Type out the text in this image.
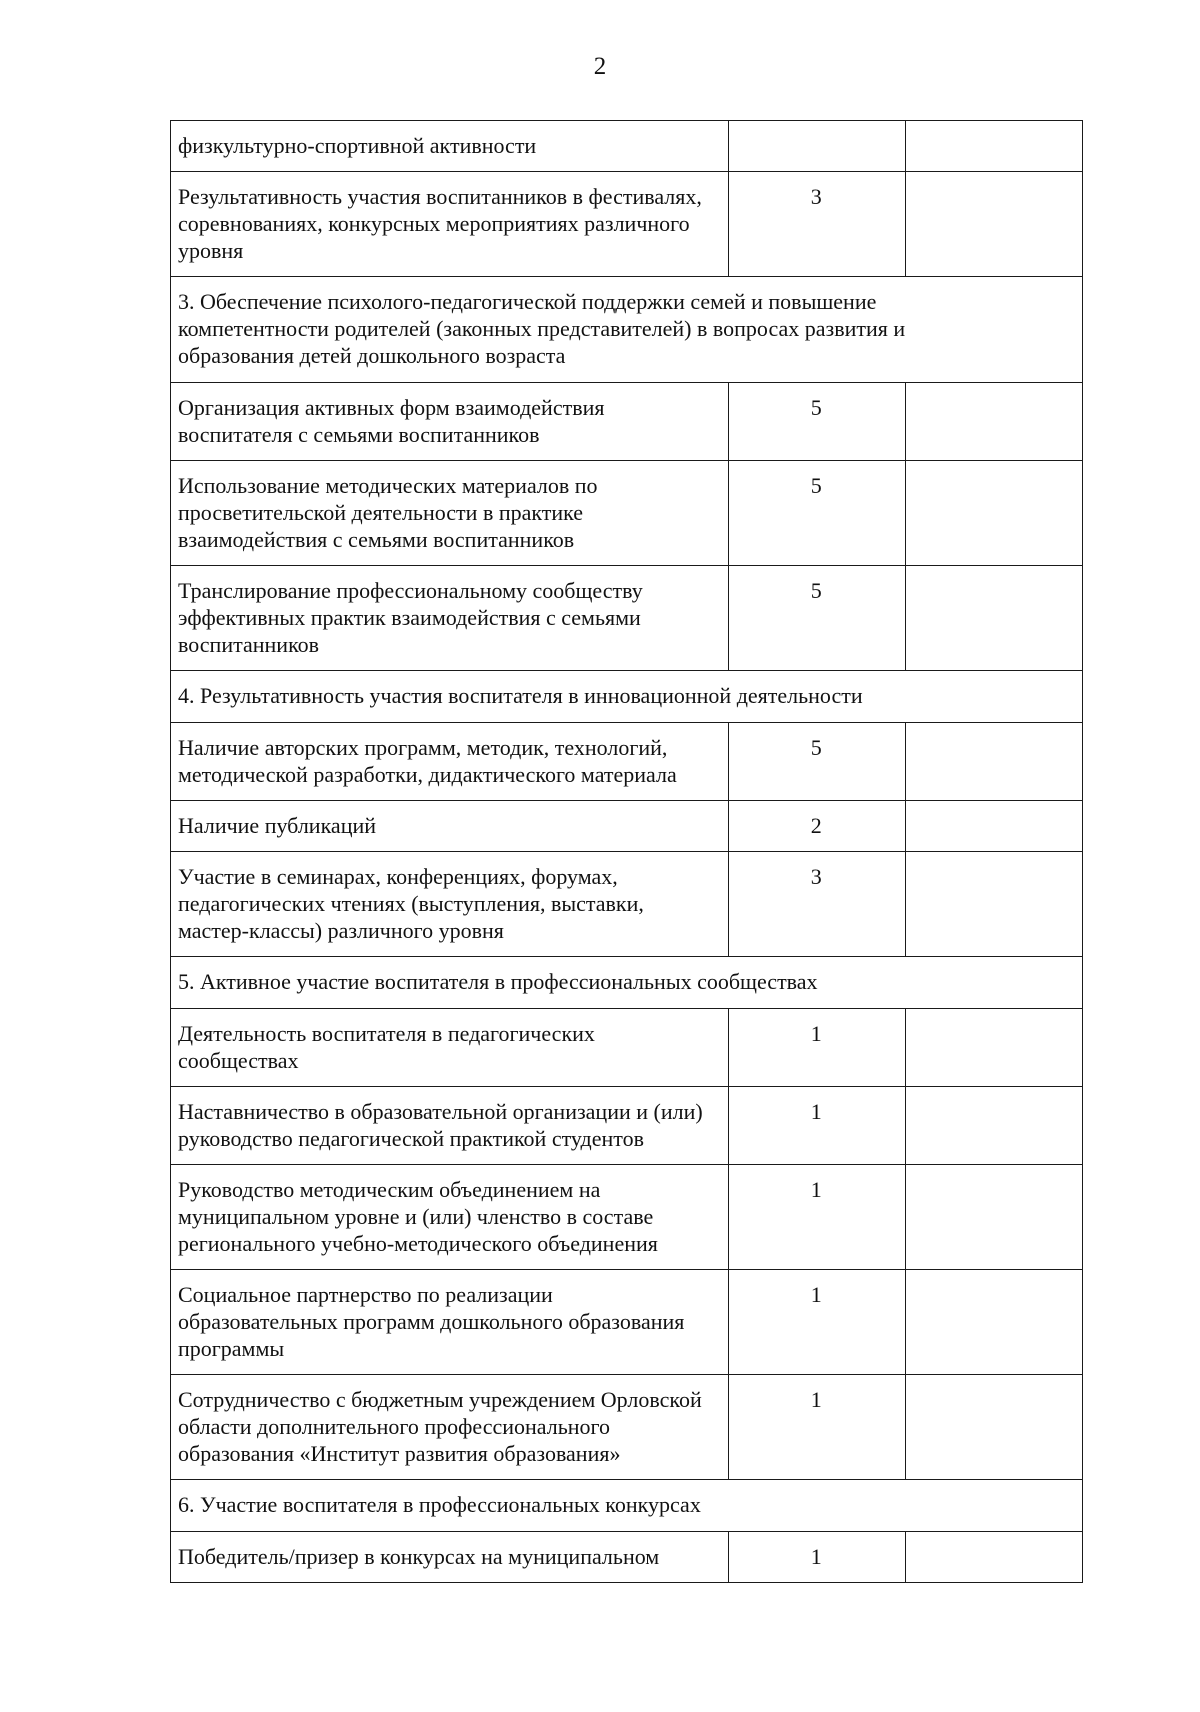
2
физкультурно-спортивной активности		
Результативность участия воспитанников в фестивалях,
соревнованиях, конкурсных мероприятиях различного
уровня	3	
3. Обеспечение психолого-педагогической поддержки семей и повышение
компетентности родителей (законных представителей) в вопросах развития и
образования детей дошкольного возраста		
Организация активных форм взаимодействия
воспитателя с семьями воспитанников	5	
Использование методических материалов по
просветительской деятельности в практике
взаимодействия с семьями воспитанников	5	
Транслирование профессиональному сообществу
эффективных практик взаимодействия с семьями
воспитанников	5	
4. Результативность участия воспитателя в инновационной деятельности		
Наличие авторских программ, методик, технологий,
методической разработки, дидактического материала	5	
Наличие публикаций	2	
Участие в семинарах, конференциях, форумах,
педагогических чтениях (выступления, выставки,
мастер-классы) различного уровня	3	
5. Активное участие воспитателя в профессиональных сообществах		
Деятельность воспитателя в педагогических
сообществах	1	
Наставничество в образовательной организации и (или)
руководство педагогической практикой студентов	1	
Руководство методическим объединением на
муниципальном уровне и (или) членство в составе
регионального учебно-методического объединения	1	
Социальное партнерство по реализации
образовательных программ дошкольного образования
программы	1	
Сотрудничество с бюджетным учреждением Орловской
области дополнительного профессионального
образования «Институт развития образования»	1	
6. Участие воспитателя в профессиональных конкурсах		
Победитель/призер в конкурсах на муниципальном	1	
